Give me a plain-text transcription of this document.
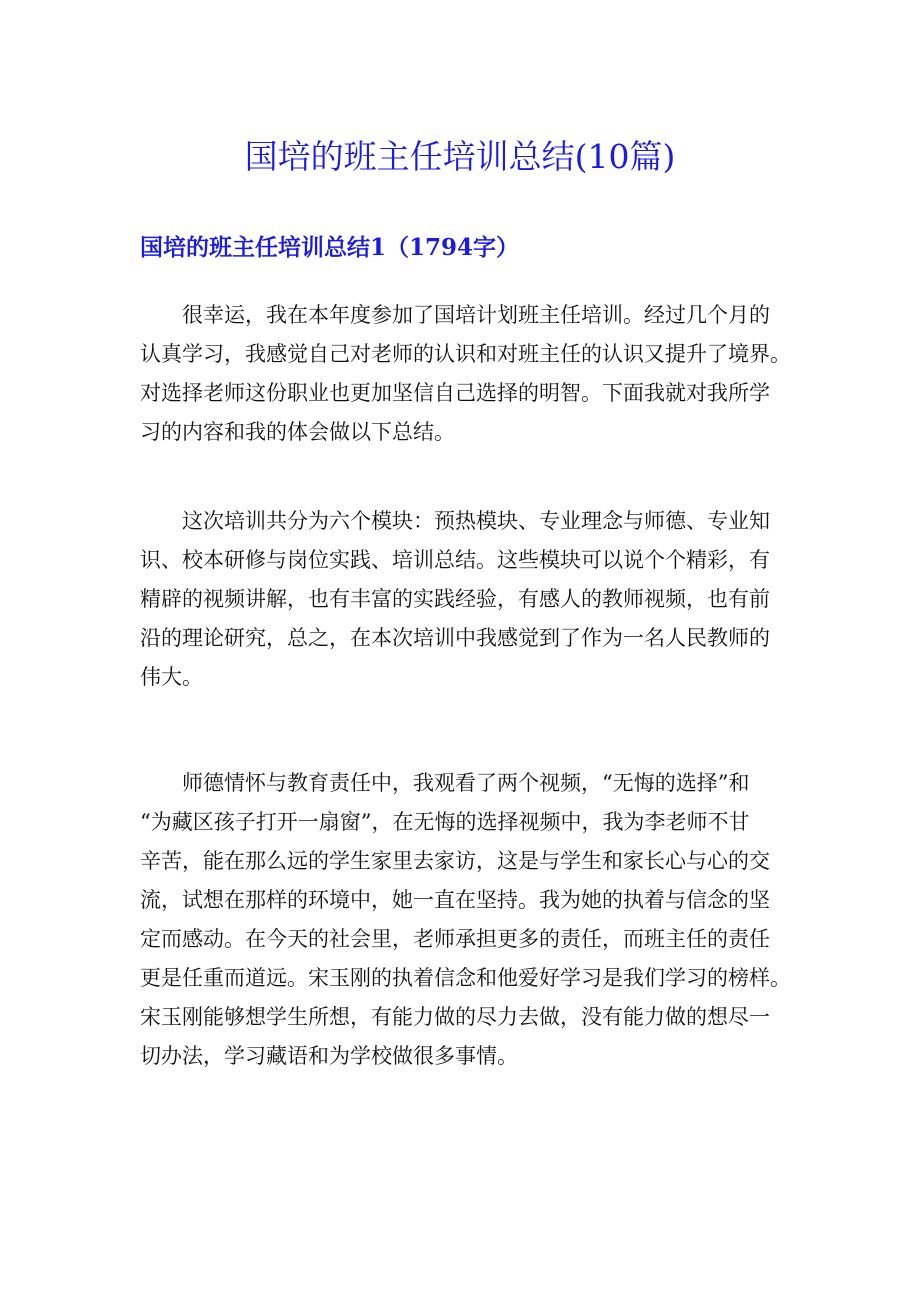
国培的班主任培训总结(10篇)
国培的班主任培训总结1（1794字）

很幸运，我在本年度参加了国培计划班主任培训。经过几个月的
认真学习，我感觉自己对老师的认识和对班主任的认识又提升了境界。
对选择老师这份职业也更加坚信自己选择的明智。下面我就对我所学
习的内容和我的体会做以下总结。

这次培训共分为六个模块：预热模块、专业理念与师德、专业知
识、校本研修与岗位实践、培训总结。这些模块可以说个个精彩，有
精辟的视频讲解，也有丰富的实践经验，有感人的教师视频，也有前
沿的理论研究，总之，在本次培训中我感觉到了作为一名人民教师的
伟大。

师德情怀与教育责任中，我观看了两个视频，“无悔的选择”和
“为藏区孩子打开一扇窗”，在无悔的选择视频中，我为李老师不甘
辛苦，能在那么远的学生家里去家访，这是与学生和家长心与心的交
流，试想在那样的环境中，她一直在坚持。我为她的执着与信念的坚
定而感动。在今天的社会里，老师承担更多的责任，而班主任的责任
更是任重而道远。宋玉刚的执着信念和他爱好学习是我们学习的榜样。
宋玉刚能够想学生所想，有能力做的尽力去做，没有能力做的想尽一
切办法，学习藏语和为学校做很多事情。
